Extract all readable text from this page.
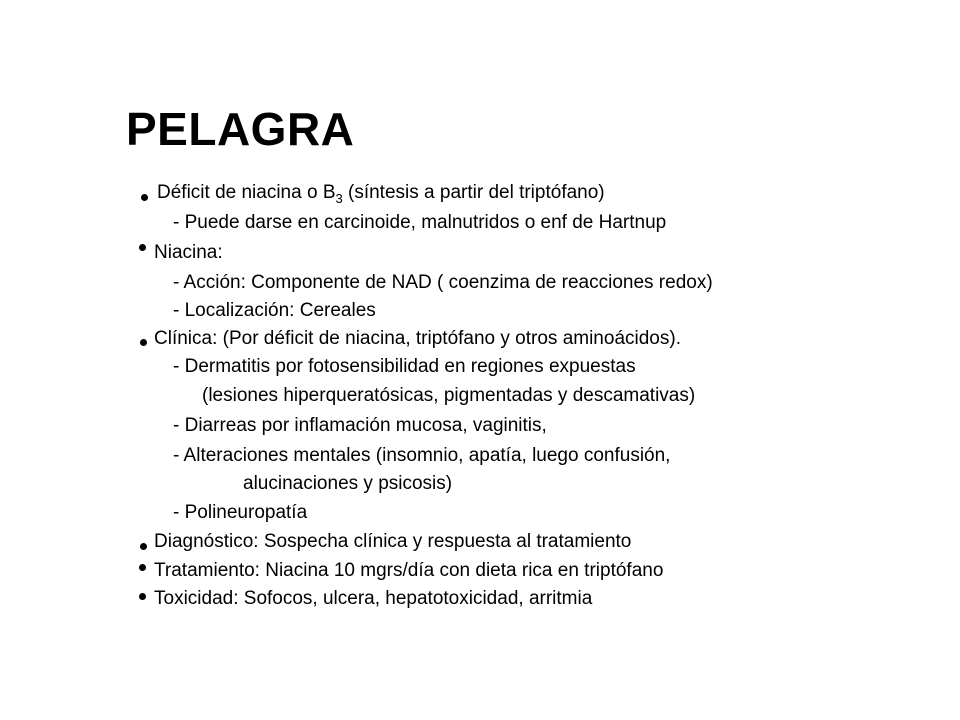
PELAGRA
Déficit de niacina o $B_3$ (síntesis a partir del triptófano)
- Puede darse en carcinoide, malnutridos o enf de Hartnup
Niacina:
- Acción: Componente de NAD ( coenzima de reacciones redox)
- Localización: Cereales
Clínica: (Por déficit de niacina, triptófano y otros aminoácidos).
- Dermatitis por fotosensibilidad en regiones expuestas
(lesiones hiperqueratósicas, pigmentadas y descamativas)
- Diarreas por inflamación mucosa, vaginitis,
- Alteraciones mentales (insomnio, apatía, luego confusión,
alucinaciones y psicosis)
- Polineuropatía
Diagnóstico: Sospecha clínica y respuesta al tratamiento
Tratamiento: Niacina 10 mgrs/día con dieta rica en triptófano
Toxicidad: Sofocos, ulcera, hepatotoxicidad, arritmia
